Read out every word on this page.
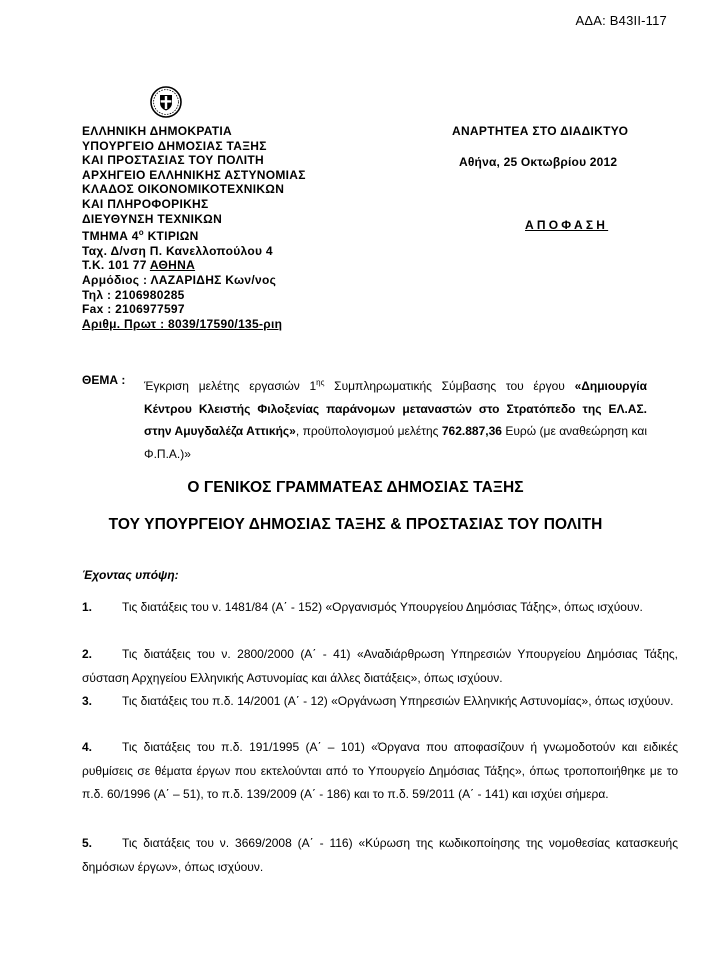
ΑΔΑ: Β43ΙΙ-117
ΕΛΛΗΝΙΚΗ ΔΗΜΟΚΡΑΤΙΑ
ΥΠΟΥΡΓΕΙΟ ΔΗΜΟΣΙΑΣ ΤΑΞΗΣ
ΚΑΙ ΠΡΟΣΤΑΣΙΑΣ ΤΟΥ ΠΟΛΙΤΗ
ΑΡΧΗΓΕΙΟ ΕΛΛΗΝΙΚΗΣ ΑΣΤΥΝΟΜΙΑΣ
ΚΛΑΔΟΣ ΟΙΚΟΝΟΜΙΚΟΤΕΧΝΙΚΩΝ
ΚΑΙ ΠΛΗΡΟΦΟΡΙΚΗΣ
ΔΙΕΥΘΥΝΣΗ ΤΕΧΝΙΚΩΝ
ΤΜΗΜΑ $4^o$ ΚΤΙΡΙΩΝ
Ταχ. Δ/νση Π. Κανελλοπούλου 4
Τ.Κ. 101 77 ΑΘΗΝΑ
Αρμόδιος : ΛΑΖΑΡΙΔΗΣ Κων/νος
Τηλ : 2106980285
Fax : 2106977597
Αριθμ. Πρωτ : 8039/17590/135-ριη
ΑΝΑΡΤΗΤΕΑ ΣΤΟ ΔΙΑΔΙΚΤΥΟ
Αθήνα, 25 Οκτωβρίου 2012
ΑΠΟΦΑΣΗ
ΘΕΜΑ : Έγκριση μελέτης εργασιών $1^{\eta\varsigma}$ Συμπληρωματικής Σύμβασης του έργου «Δημιουργία Κέντρου Κλειστής Φιλοξενίας παράνομων μεταναστών στο Στρατόπεδο της ΕΛ.ΑΣ. στην Αμυγδαλέζα Αττικής», προϋπολογισμού μελέτης 762.887,36 Ευρώ (με αναθεώρηση και Φ.Π.Α.)»
Ο ΓΕΝΙΚΟΣ ΓΡΑΜΜΑΤΕΑΣ ΔΗΜΟΣΙΑΣ ΤΑΞΗΣ
ΤΟΥ ΥΠΟΥΡΓΕΙΟΥ ΔΗΜΟΣΙΑΣ ΤΑΞΗΣ & ΠΡΟΣΤΑΣΙΑΣ ΤΟΥ ΠΟΛΙΤΗ
Έχοντας υπόψη:
1. Τις διατάξεις του ν. 1481/84 (Α΄ - 152) «Οργανισμός Υπουργείου Δημόσιας Τάξης», όπως ισχύουν.
2. Τις διατάξεις του ν. 2800/2000 (Α΄ - 41) «Αναδιάρθρωση Υπηρεσιών Υπουργείου Δημόσιας Τάξης, σύσταση Αρχηγείου Ελληνικής Αστυνομίας και άλλες διατάξεις», όπως ισχύουν.
3. Τις διατάξεις του π.δ. 14/2001 (Α΄ - 12) «Οργάνωση Υπηρεσιών Ελληνικής Αστυνομίας», όπως ισχύουν.
4. Τις διατάξεις του π.δ. 191/1995 (Α΄ – 101) «Όργανα που αποφασίζουν ή γνωμοδοτούν και ειδικές ρυθμίσεις σε θέματα έργων που εκτελούνται από το Υπουργείο Δημόσιας Τάξης», όπως τροποποιήθηκε με το π.δ. 60/1996 (Α΄ – 51), το π.δ. 139/2009 (Α΄ - 186) και το π.δ. 59/2011 (Α΄ - 141) και ισχύει σήμερα.
5. Τις διατάξεις του ν. 3669/2008 (Α΄ - 116) «Κύρωση της κωδικοποίησης της νομοθεσίας κατασκευής δημόσιων έργων», όπως ισχύουν.
